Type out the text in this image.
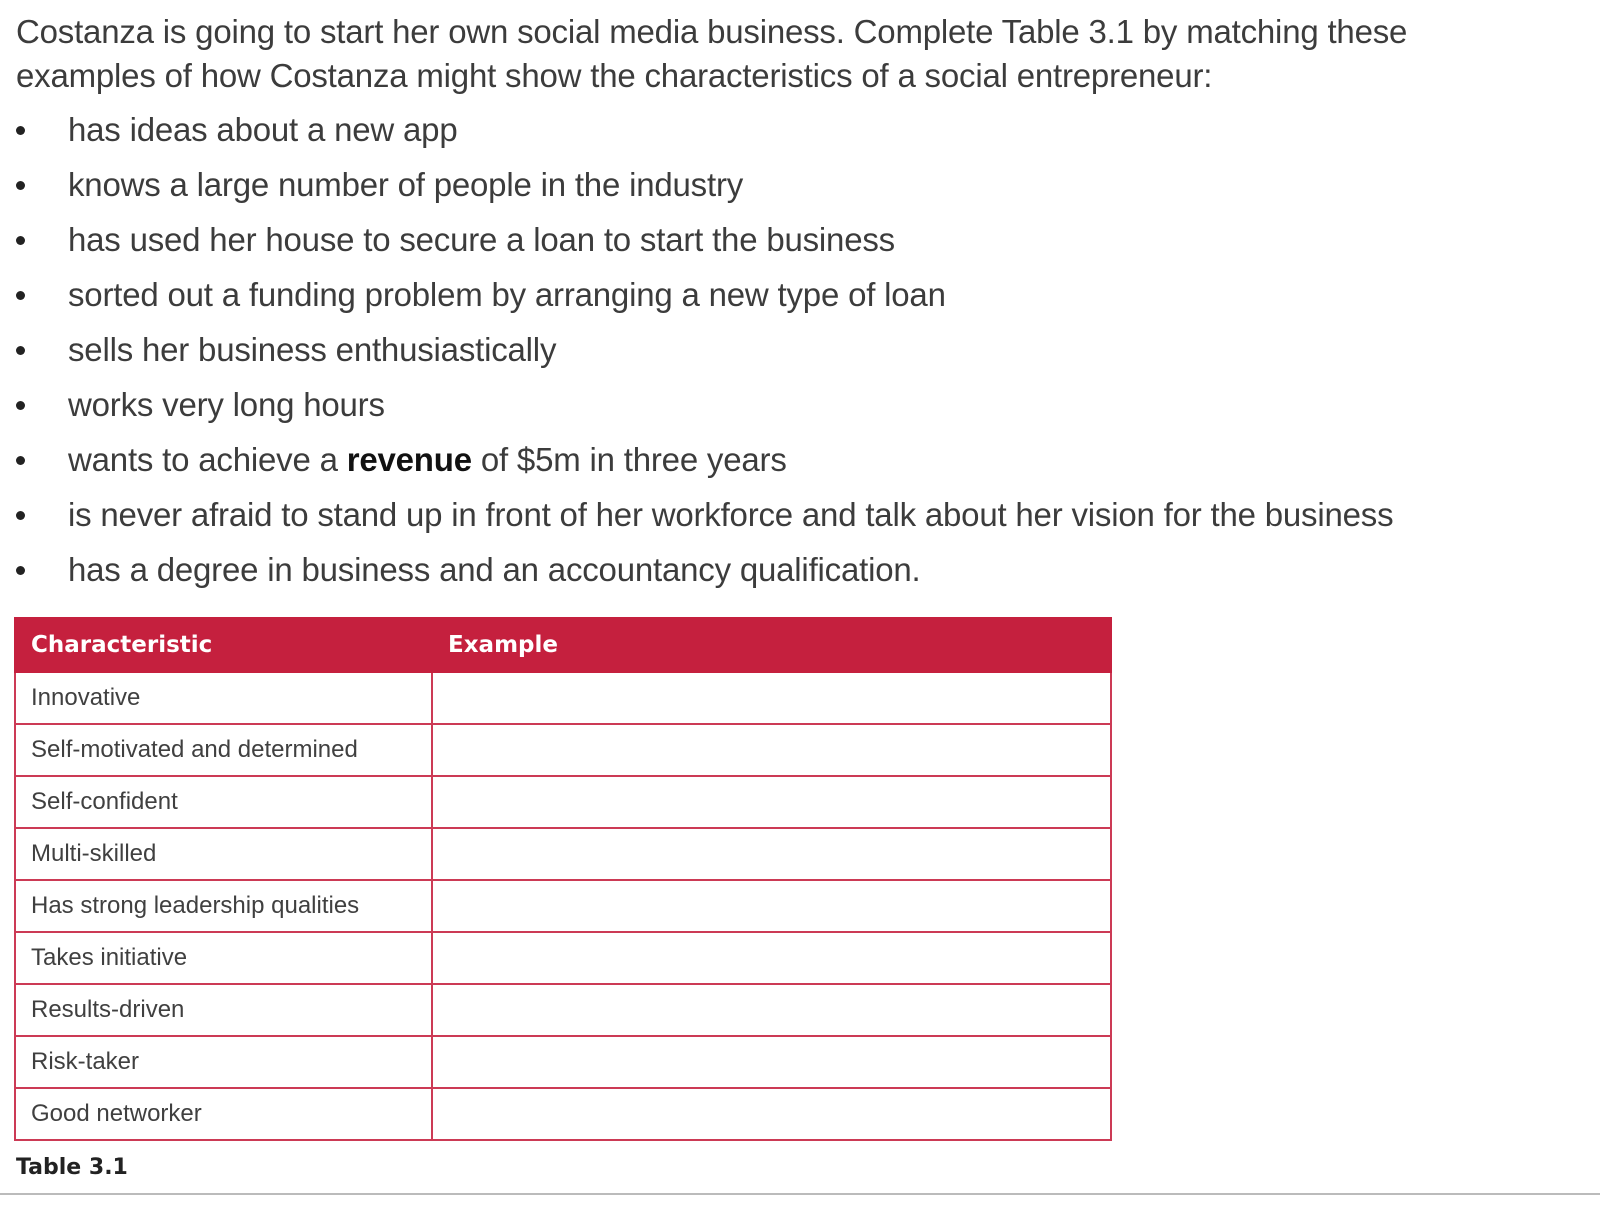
Costanza is going to start her own social media business. Complete Table 3.1 by matching these examples of how Costanza might show the characteristics of a social entrepreneur:

has ideas about a new app
knows a large number of people in the industry
has used her house to secure a loan to start the business
sorted out a funding problem by arranging a new type of loan
sells her business enthusiastically
works very long hours
wants to achieve a revenue of $5m in three years
is never afraid to stand up in front of her workforce and talk about her vision for the business
has a degree in business and an accountancy qualification.
Characteristic	Example
Innovative	
Self-motivated and determined	
Self-confident	
Multi-skilled	
Has strong leadership qualities	
Takes initiative	
Results-driven	
Risk-taker	
Good networker	
Table 3.1
